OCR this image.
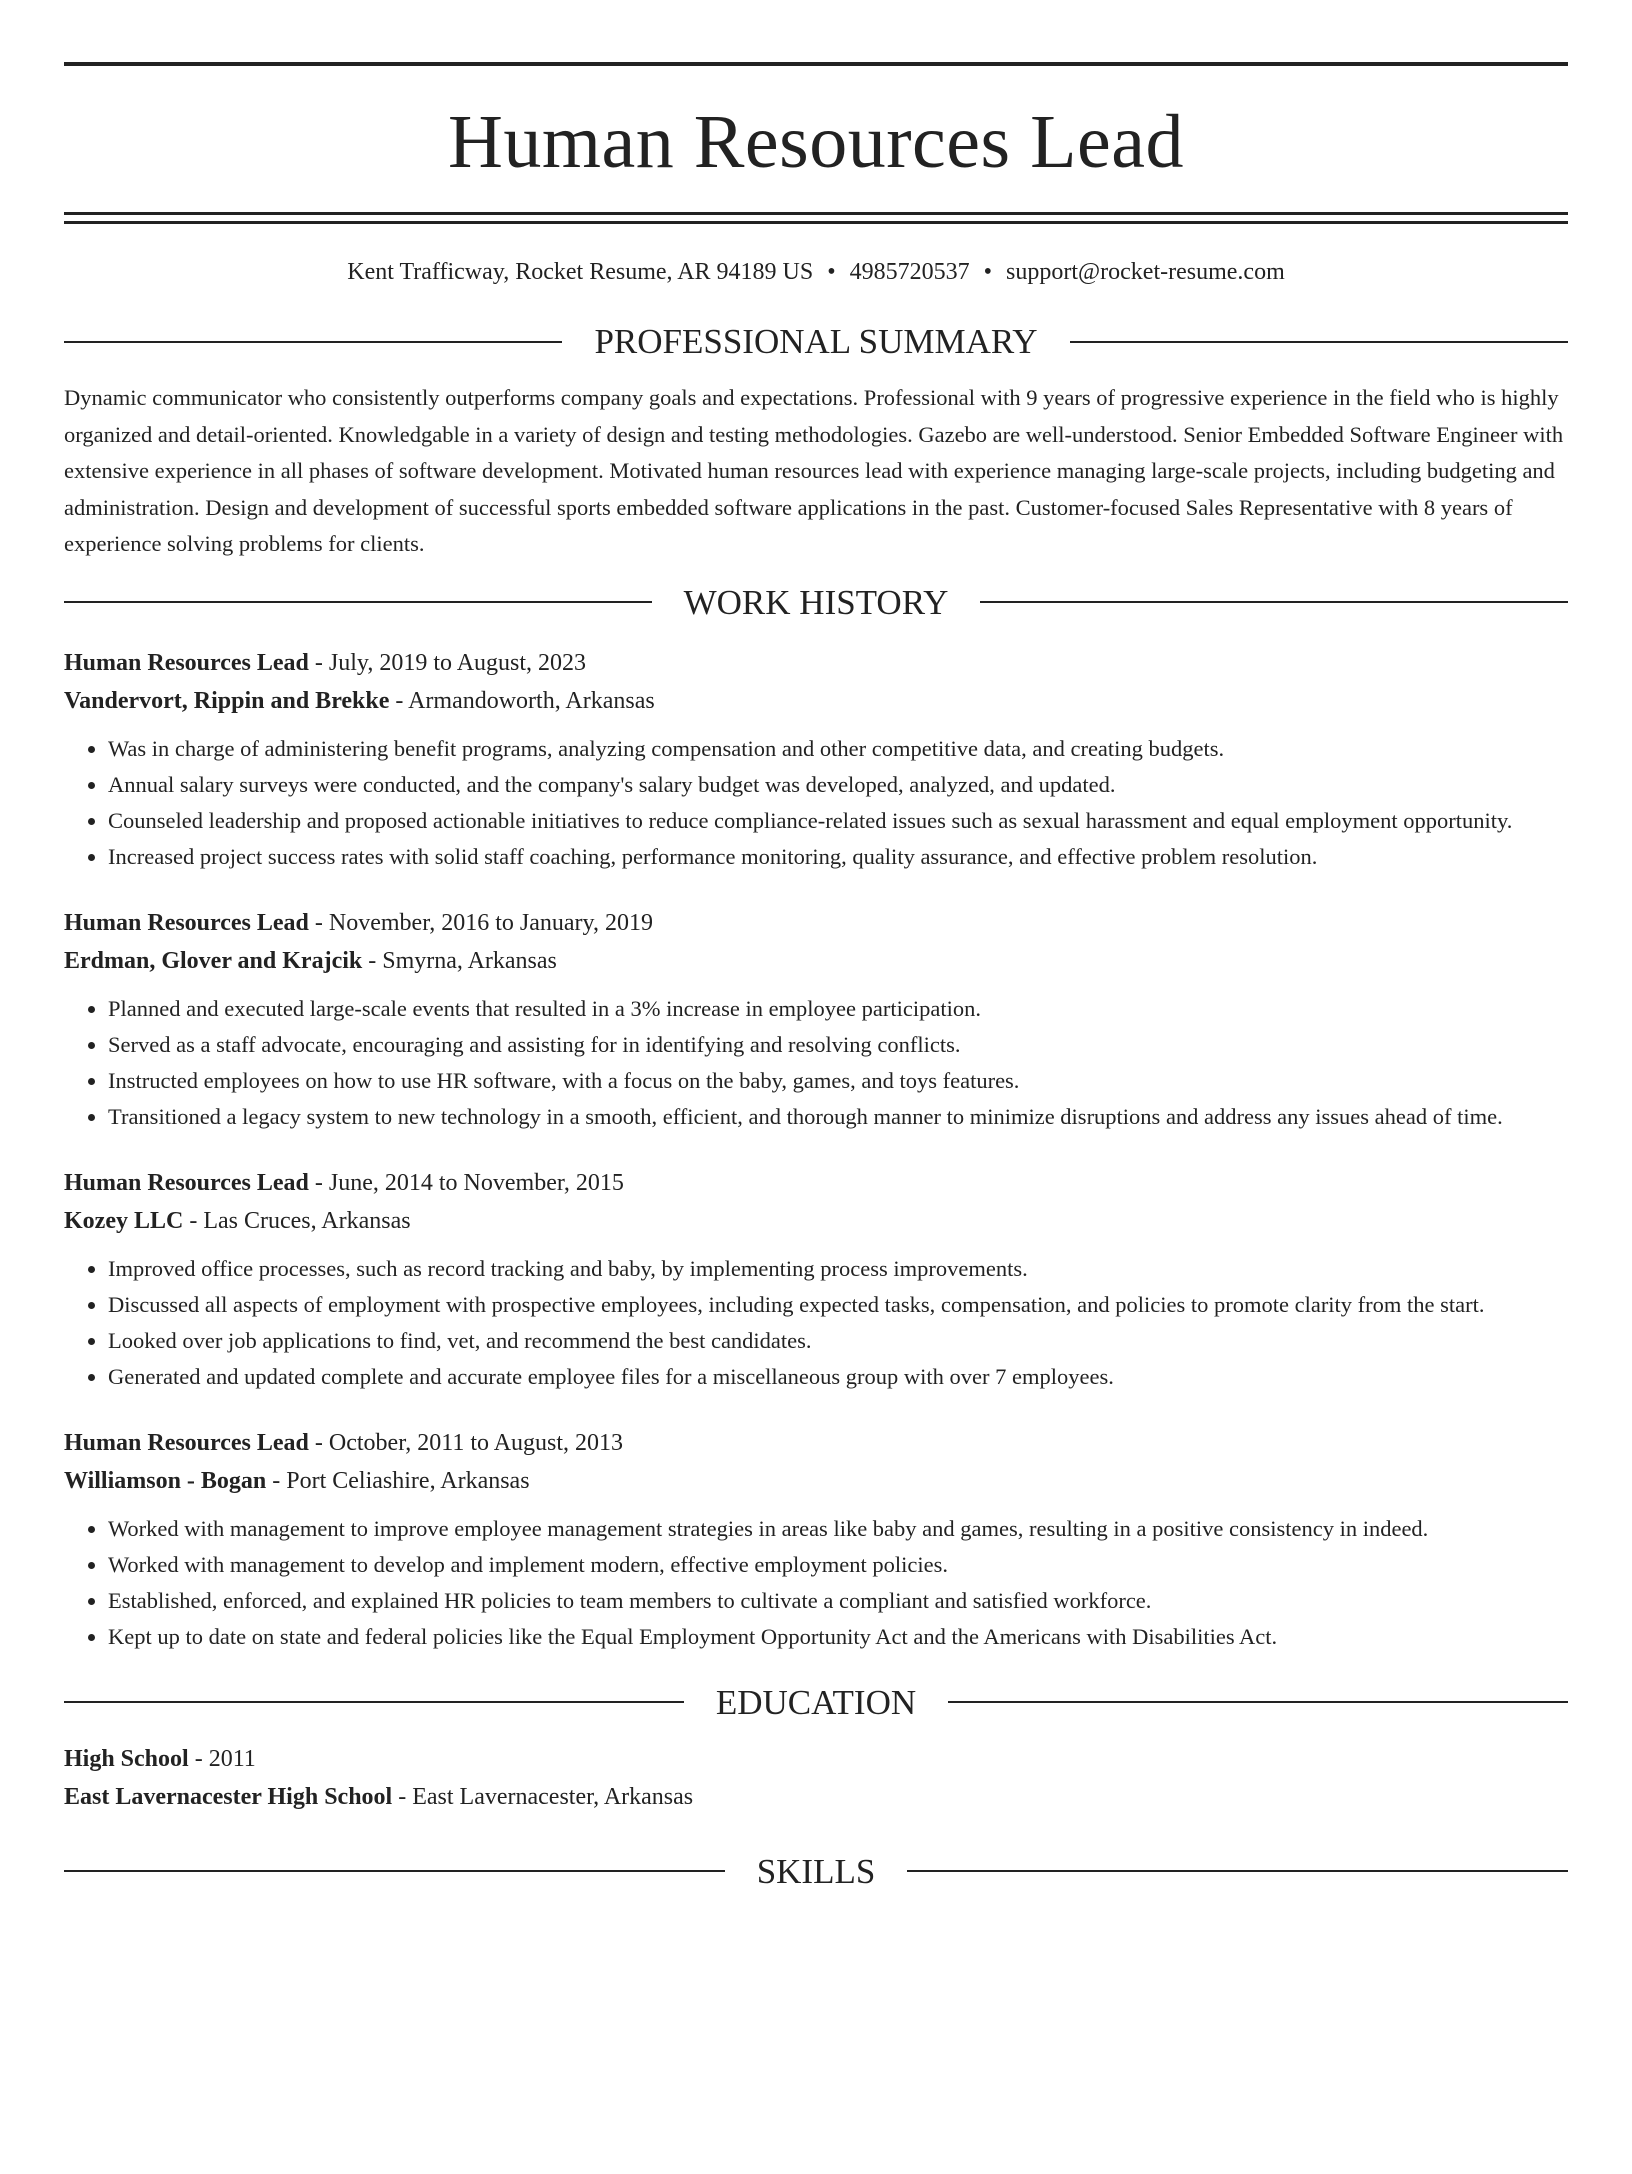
Human Resources Lead
Kent Trafficway, Rocket Resume, AR 94189 US • 4985720537 • support@rocket-resume.com
PROFESSIONAL SUMMARY
Dynamic communicator who consistently outperforms company goals and expectations. Professional with 9 years of progressive experience in the field who is highly organized and detail-oriented. Knowledgable in a variety of design and testing methodologies. Gazebo are well-understood. Senior Embedded Software Engineer with extensive experience in all phases of software development. Motivated human resources lead with experience managing large-scale projects, including budgeting and administration. Design and development of successful sports embedded software applications in the past. Customer-focused Sales Representative with 8 years of experience solving problems for clients.
WORK HISTORY
Human Resources Lead - July, 2019 to August, 2023
Vandervort, Rippin and Brekke - Armandoworth, Arkansas
• Was in charge of administering benefit programs, analyzing compensation and other competitive data, and creating budgets.
• Annual salary surveys were conducted, and the company's salary budget was developed, analyzed, and updated.
• Counseled leadership and proposed actionable initiatives to reduce compliance-related issues such as sexual harassment and equal employment opportunity.
• Increased project success rates with solid staff coaching, performance monitoring, quality assurance, and effective problem resolution.
Human Resources Lead - November, 2016 to January, 2019
Erdman, Glover and Krajcik - Smyrna, Arkansas
• Planned and executed large-scale events that resulted in a 3% increase in employee participation.
• Served as a staff advocate, encouraging and assisting for in identifying and resolving conflicts.
• Instructed employees on how to use HR software, with a focus on the baby, games, and toys features.
• Transitioned a legacy system to new technology in a smooth, efficient, and thorough manner to minimize disruptions and address any issues ahead of time.
Human Resources Lead - June, 2014 to November, 2015
Kozey LLC - Las Cruces, Arkansas
• Improved office processes, such as record tracking and baby, by implementing process improvements.
• Discussed all aspects of employment with prospective employees, including expected tasks, compensation, and policies to promote clarity from the start.
• Looked over job applications to find, vet, and recommend the best candidates.
• Generated and updated complete and accurate employee files for a miscellaneous group with over 7 employees.
Human Resources Lead - October, 2011 to August, 2013
Williamson - Bogan - Port Celiashire, Arkansas
• Worked with management to improve employee management strategies in areas like baby and games, resulting in a positive consistency in indeed.
• Worked with management to develop and implement modern, effective employment policies.
• Established, enforced, and explained HR policies to team members to cultivate a compliant and satisfied workforce.
• Kept up to date on state and federal policies like the Equal Employment Opportunity Act and the Americans with Disabilities Act.
EDUCATION
High School - 2011
East Lavernacester High School - East Lavernacester, Arkansas
SKILLS
